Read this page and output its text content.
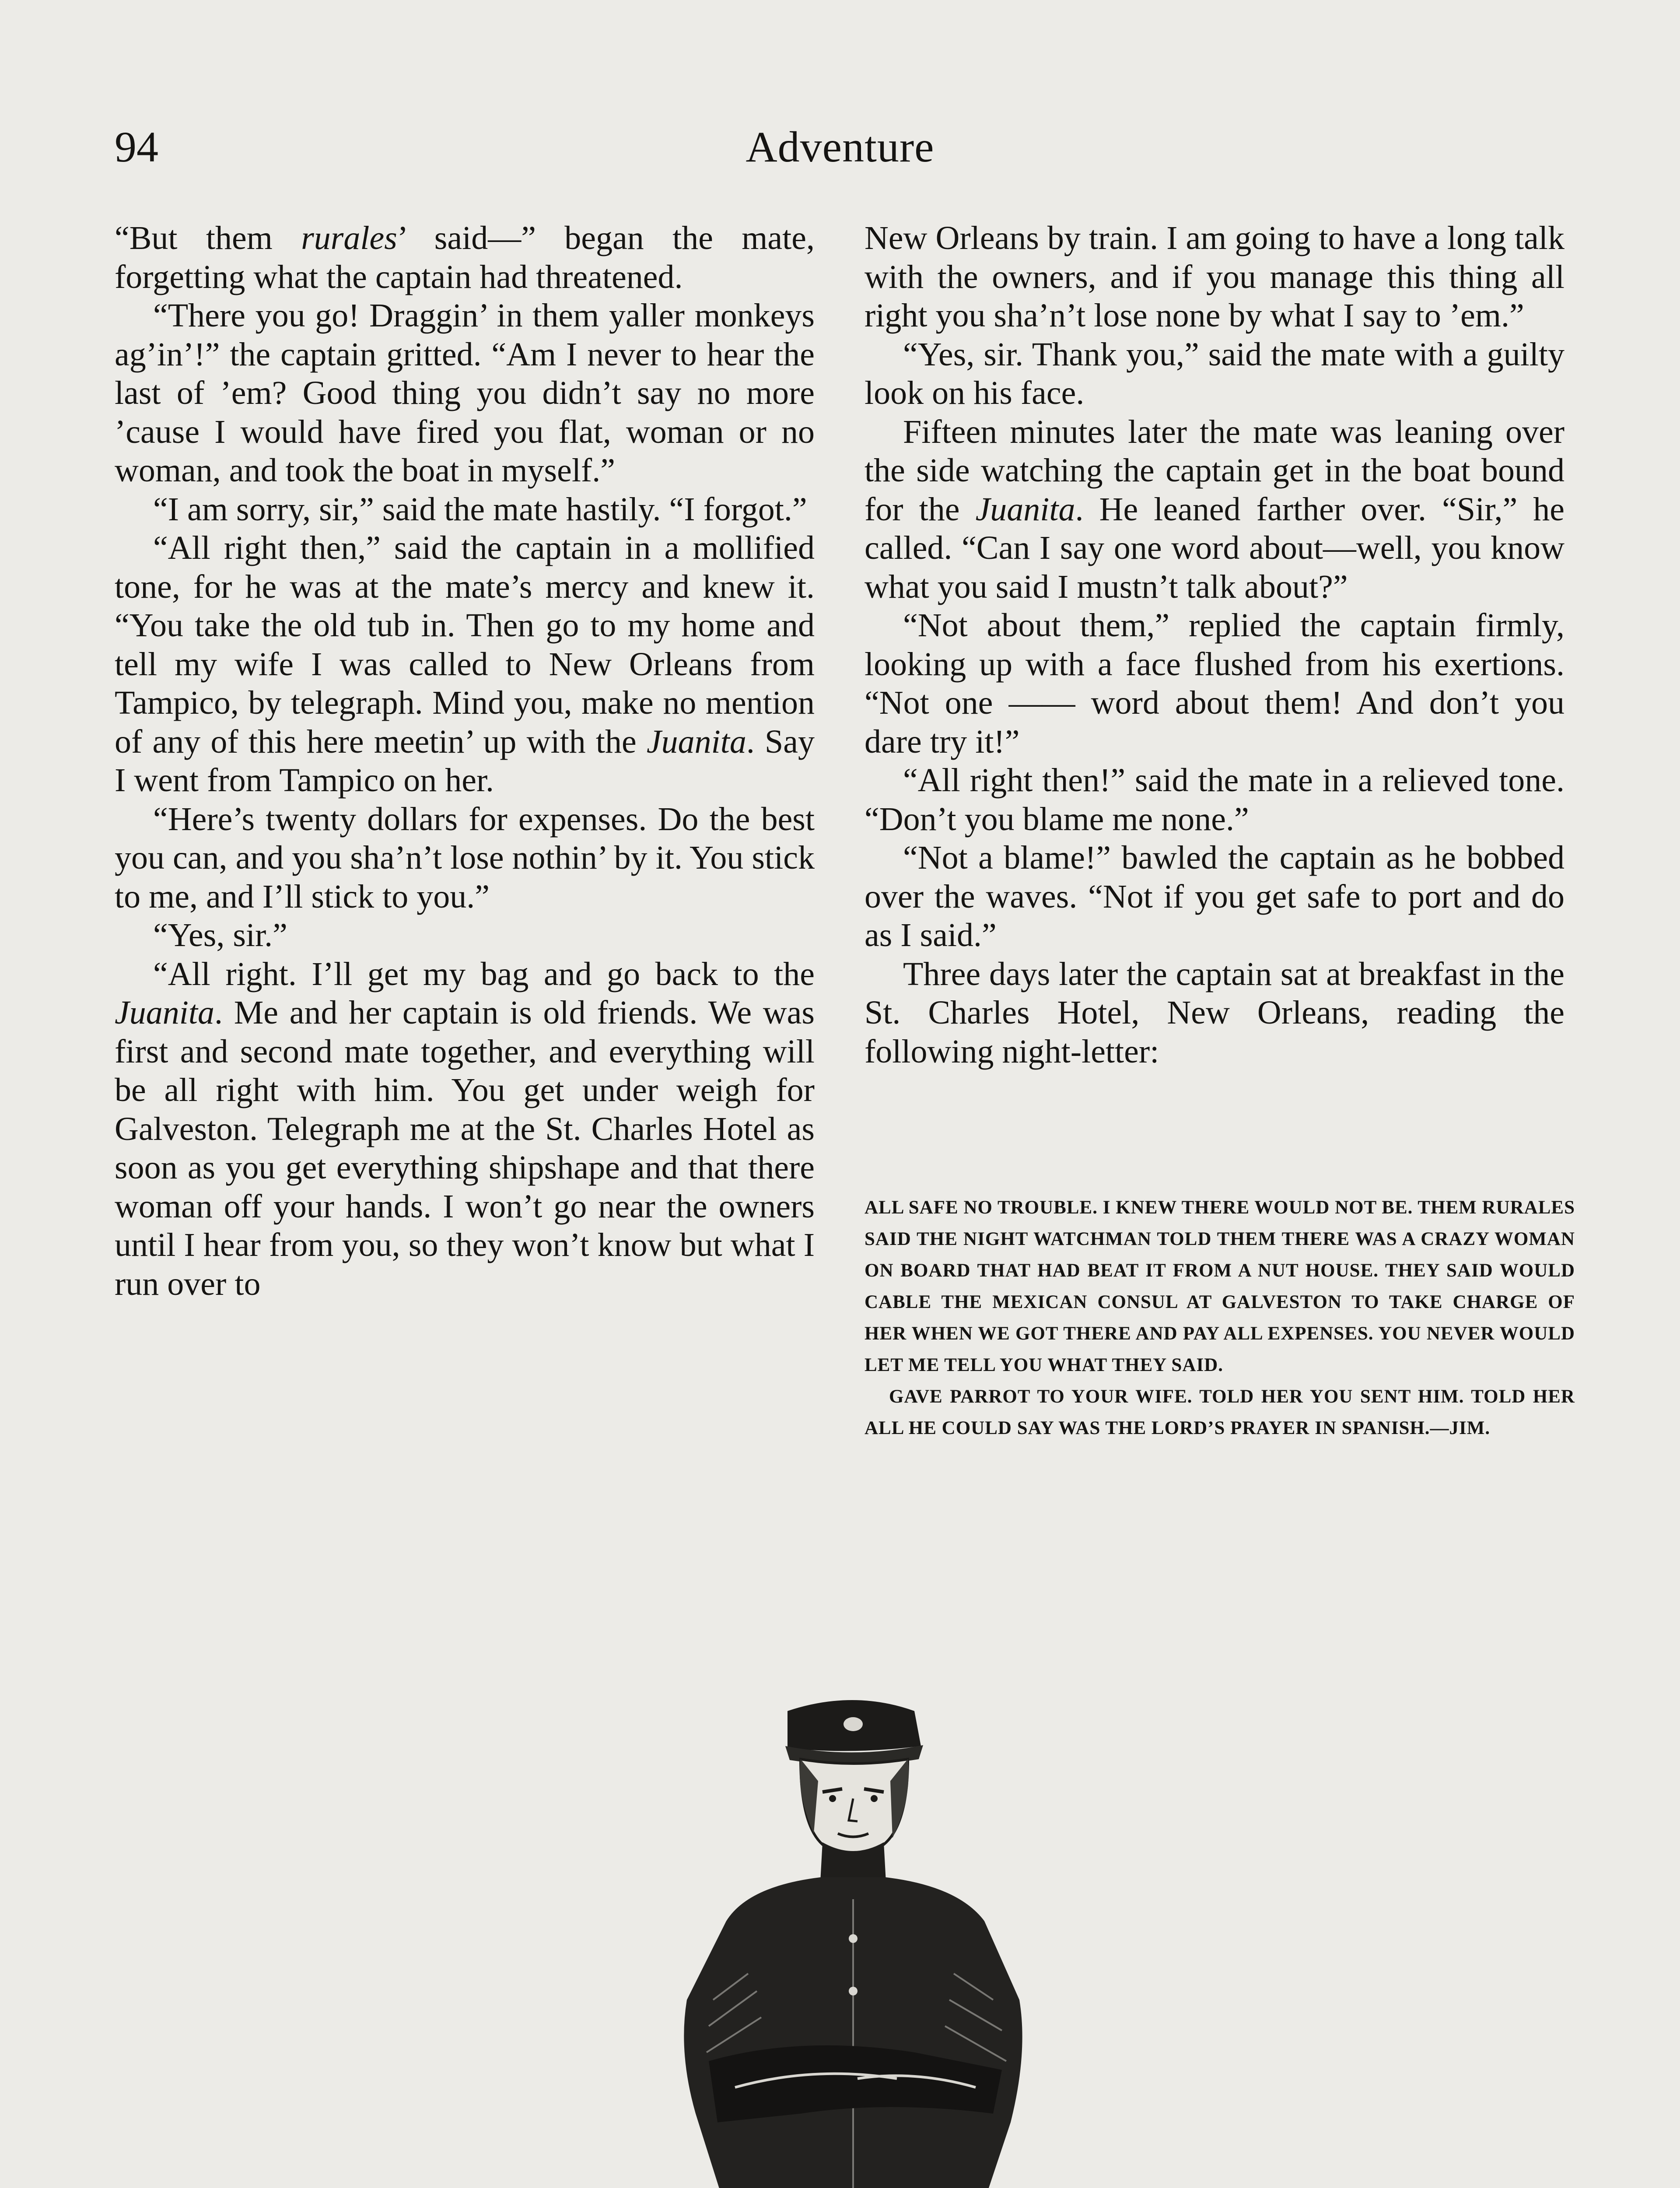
94	Adventure

“But them rurales’ said—” began the mate, forgetting what the captain had threatened.

“There you go! Draggin’ in them yaller monkeys ag’in’!” the captain gritted. “Am I never to hear the last of ’em? Good thing you didn’t say no more ’cause I would have fired you flat, woman or no woman, and took the boat in myself.”

“I am sorry, sir,” said the mate hastily. “I forgot.”

“All right then,” said the captain in a mollified tone, for he was at the mate’s mercy and knew it. “You take the old tub in. Then go to my home and tell my wife I was called to New Orleans from Tampico, by telegraph. Mind you, make no mention of any of this here meetin’ up with the Juanita. Say I went from Tampico on her.

“Here’s twenty dollars for expenses. Do the best you can, and you sha’n’t lose nothin’ by it. You stick to me, and I’ll stick to you.”

“Yes, sir.”

“All right. I’ll get my bag and go back to the Juanita. Me and her captain is old friends. We was first and second mate together, and everything will be all right with him. You get under weigh for Galveston. Telegraph me at the St. Charles Hotel as soon as you get everything shipshape and that there woman off your hands. I won’t go near the owners until I hear from you, so they won’t know but what I run over to

New Orleans by train. I am going to have a long talk with the owners, and if you manage this thing all right you sha’n’t lose none by what I say to ’em.”

“Yes, sir. Thank you,” said the mate with a guilty look on his face.

Fifteen minutes later the mate was leaning over the side watching the captain get in the boat bound for the Juanita. He leaned farther over. “Sir,” he called. “Can I say one word about—well, you know what you said I mustn’t talk about?”

“Not about them,” replied the captain firmly, looking up with a face flushed from his exertions. “Not one —— word about them! And don’t you dare try it!”

“All right then!” said the mate in a relieved tone. “Don’t you blame me none.”

“Not a blame!” bawled the captain as he bobbed over the waves. “Not if you get safe to port and do as I said.”

Three days later the captain sat at breakfast in the St. Charles Hotel, New Orleans, reading the following night-letter:

ALL SAFE NO TROUBLE. I KNEW THERE WOULD NOT BE. THEM RURALES SAID THE NIGHT WATCHMAN TOLD THEM THERE WAS A CRAZY WOMAN ON BOARD THAT HAD BEAT IT FROM A NUT HOUSE. THEY SAID WOULD CABLE THE MEXICAN CONSUL AT GALVESTON TO TAKE CHARGE OF HER WHEN WE GOT THERE AND PAY ALL EXPENSES. YOU NEVER WOULD LET ME TELL YOU WHAT THEY SAID.

GAVE PARROT TO YOUR WIFE. TOLD HER YOU SENT HIM. TOLD HER ALL HE COULD SAY WAS THE LORD’S PRAYER IN SPANISH.—JIM.
